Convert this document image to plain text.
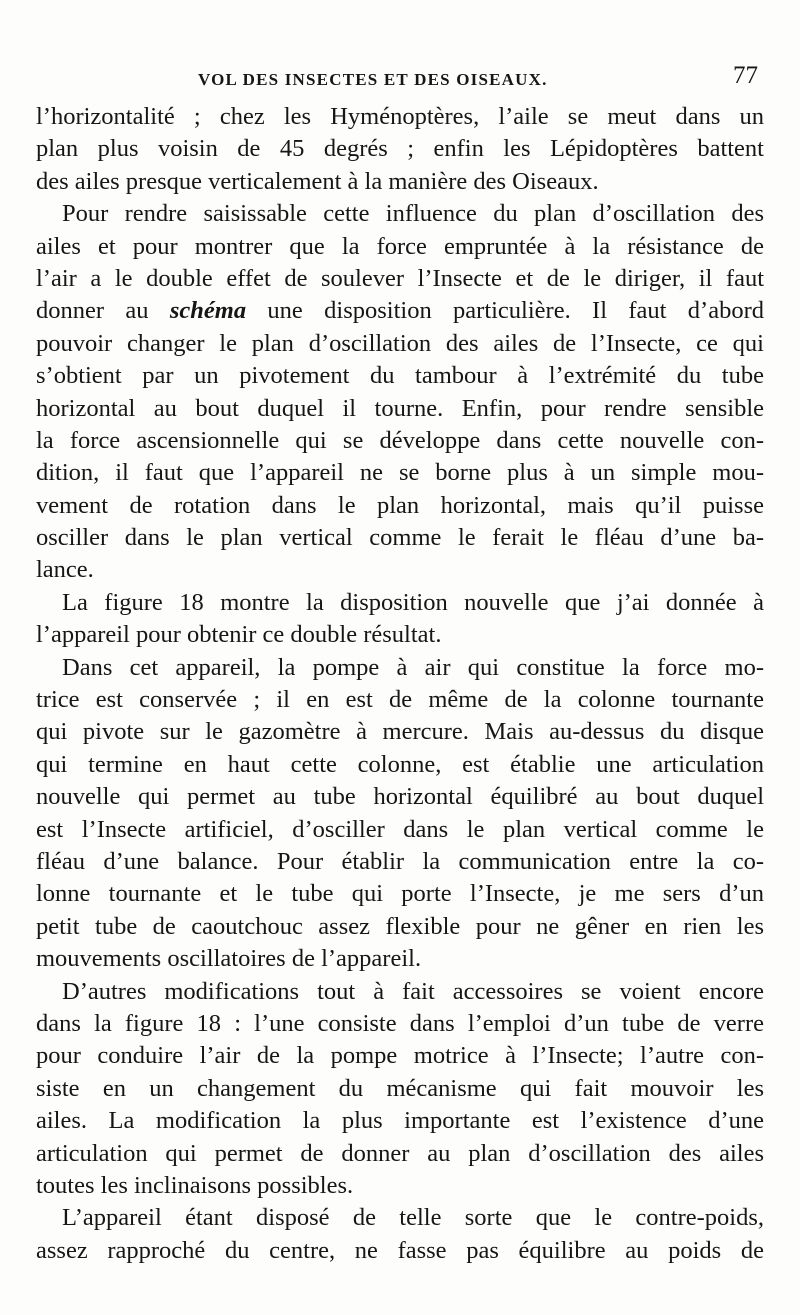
VOL DES INSECTES ET DES OISEAUX.	77
l’horizontalité ; chez les Hyménoptères, l’aile se meut dans un
plan plus voisin de 45 degrés ; enfin les Lépidoptères battent
des ailes presque verticalement à la manière des Oiseaux.
Pour rendre saisissable cette influence du plan d’oscillation des
ailes et pour montrer que la force empruntée à la résistance de
l’air a le double effet de soulever l’Insecte et de le diriger, il faut
donner au schéma une disposition particulière. Il faut d’abord
pouvoir changer le plan d’oscillation des ailes de l’Insecte, ce qui
s’obtient par un pivotement du tambour à l’extrémité du tube
horizontal au bout duquel il tourne. Enfin, pour rendre sensible
la force ascensionnelle qui se développe dans cette nouvelle con-
dition, il faut que l’appareil ne se borne plus à un simple mou-
vement de rotation dans le plan horizontal, mais qu’il puisse
osciller dans le plan vertical comme le ferait le fléau d’une ba-
lance.
La figure 18 montre la disposition nouvelle que j’ai donnée à
l’appareil pour obtenir ce double résultat.
Dans cet appareil, la pompe à air qui constitue la force mo-
trice est conservée ; il en est de même de la colonne tournante
qui pivote sur le gazomètre à mercure. Mais au-dessus du disque
qui termine en haut cette colonne, est établie une articulation
nouvelle qui permet au tube horizontal équilibré au bout duquel
est l’Insecte artificiel, d’osciller dans le plan vertical comme le
fléau d’une balance. Pour établir la communication entre la co-
lonne tournante et le tube qui porte l’Insecte, je me sers d’un
petit tube de caoutchouc assez flexible pour ne gêner en rien les
mouvements oscillatoires de l’appareil.
D’autres modifications tout à fait accessoires se voient encore
dans la figure 18 : l’une consiste dans l’emploi d’un tube de verre
pour conduire l’air de la pompe motrice à l’Insecte; l’autre con-
siste en un changement du mécanisme qui fait mouvoir les
ailes. La modification la plus importante est l’existence d’une
articulation qui permet de donner au plan d’oscillation des ailes
toutes les inclinaisons possibles.
L’appareil étant disposé de telle sorte que le contre-poids,
assez rapproché du centre, ne fasse pas équilibre au poids de
